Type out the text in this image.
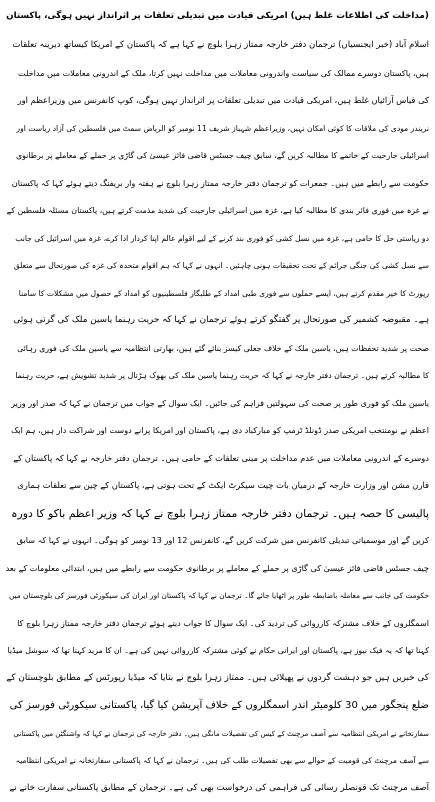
(مداخلت کی اطلاعات غلط ہیں) امریکی قیادت میں تبدیلی تعلقات پر اثرانداز نہیں ہوگی، پاکستان
اسلام آباد (خبر ایجنسیاں) ترجمان دفتر خارجہ ممتاز زہرا بلوچ نے کہا ہے کہ پاکستان کے امریکا کیساتھ دیرینہ تعلقات
ہیں، پاکستان دوسرے ممالک کی سیاست واندرونی معاملات میں مداخلت نہیں کرتا، ملک کے اندرونی معاملات میں مداخلت
کی قیاس آرائیاں غلط ہیں، امریکی قیادت میں تبدیلی تعلقات پر اثرانداز نہیں ہوگی، کوپ کانفرنس میں وزیراعظم اور
نریندر مودی کی ملاقات کا کوئی امکان نہیں، وزیراعظم شہباز شریف 11 نومبر کو الریاض سمٹ میں فلسطین کی آزاد ریاست اور
اسرائیلی جارحیت کے خاتمے کا مطالبہ کریں گے، سابق چیف جسٹس قاضی فائز عیسیٰ کی گاڑی پر حملے کے معاملے پر برطانوی
حکومت سے رابطے میں ہیں۔ جمعرات کو ترجمان دفتر خارجہ ممتاز زہرا بلوچ نے ہفتہ وار بریفنگ دیتے ہوئے کہا کہ پاکستان
نے غزہ میں فوری فائر بندی کا مطالبہ کیا ہے، غزہ میں اسرائیلی جارحیت کی شدید مذمت کرتے ہیں، پاکستان مسئلہ فلسطین کے
دو ریاستی حل کا حامی ہے، غزہ میں نسل کشی کو فوری بند کرنے کے لیے اقوام عالم اپنا کردار ادا کرے، غزہ میں اسرائیل کی جانب
سے نسل کشی کی جنگی جرائم کے تحت تحقیقات ہونی چاہئیں۔ انہوں نے کہا کہ ہم اقوام متحدہ کی غزہ کی صورتحال سے متعلق
رپورٹ کا خیر مقدم کرتے ہیں، ایسے حملوں سے فوری طبی امداد کے طلبگار فلسطینیوں کو امداد کے حصول میں مشکلات کا سامنا
ہے۔ مقبوضہ کشمیر کی صورتحال پر گفتگو کرتے ہوئے ترجمان نے کہا کہ حریت رہنما یاسین ملک کی گرتی ہوئی
صحت پر شدید تحفظات ہیں، یاسین ملک کے خلاف جعلی کیسز بنائے گئے ہیں، بھارتی انتظامیہ سے یاسین ملک کی فوری رہائی
کا مطالبہ کرتے ہیں۔ ترجمان دفتر خارجہ نے کہا کہ حریت رہنما یاسین ملک کی بھوک ہڑتال پر شدید تشویش ہے، حریت رہنما
یاسین ملک کو فوری طور پر صحت کی سہولتیں فراہم کی جائیں۔ ایک سوال کے جواب میں ترجمان نے کہا کہ صدر اور وزیر
اعظم نے نومنتخب امریکی صدر ڈونلڈ ٹرمپ کو مبارکباد دی ہے، پاکستان اور امریکا پرانے دوست اور شراکت دار ہیں، ہم ایک
دوسرے کے اندرونی معاملات میں عدم مداخلت پر مبنی تعلقات کے حامی ہیں۔ ترجمان دفتر خارجہ نے کہا کہ پاکستان کے
فارن مشن اور وزارت خارجہ کے درمیان بات چیت سیکرٹ ایکٹ کے تحت ہوتی ہے، پاکستان کے چین سے تعلقات ہماری
پالیسی کا حصہ ہیں۔ ترجمان دفتر خارجہ ممتاز زہرا بلوچ نے کہا کہ وزیر اعظم باکو کا دورہ
کریں گے اور موسمیاتی تبدیلی کانفرنس میں شرکت کریں گے، کانفرنس 12 اور 13 نومبر کو ہوگی۔ انہوں نے کہا کہ سابق
چیف جسٹس قاضی فائز عیسیٰ کی گاڑی پر حملے کے معاملے پر برطانوی حکومت سے رابطے میں ہیں، ابتدائی معلومات کے بعد
حکومت کی جانب سے معاملہ باضابطہ طور پر اٹھایا جائے گا۔ ترجمان نے کہا کہ پاکستان اور ایران کی سیکورٹی فورسز کی بلوچستان میں
اسمگلروں کے خلاف مشترکہ کارروائی کی تردید کی۔ ایک سوال کا جواب دیتے ہوئے ترجمان دفتر خارجہ ممتاز زہرا بلوچ کا
کہنا تھا کہ یہ فیک نیوز ہے، پاکستان اور ایرانی حکام نے کوئی مشترکہ کارروائی نہیں کی ہے۔ ان کا مزید کہنا تھا کہ سوشل میڈیا
کی خبریں ہیں جو دہشت گردوں نے پھیلائی ہیں۔ ممتاز زہرا بلوچ نے بتایا کہ میڈیا رپورٹس کے مطابق بلوچستان کے
ضلع پنجگور میں 30 کلومیٹر اندر اسمگلروں کے خلاف آپریشن کیا گیا، پاکستانی سیکورٹی فورسز کی
سفارتخانے نے امریکی انتظامیہ سے آصف مرچنٹ کے کیس کی تفصیلات مانگی ہیں۔ دفتر خارجہ کی ترجمان نے کہا کہ واشنگٹن میں پاکستانی
سے آصف مرچنٹ کی قومیت کے حوالے سے بھی تفصیلات طلب کی ہیں۔ ترجمان نے کہا کہ پاکستانی سفارتخانہ نے امریکی انتظامیہ
آصف مرچنٹ تک قونصلر رسائی کی فراہمی کی درخواست بھی کی ہے۔ ترجمان کے مطابق پاکستانی سفارت خانے نے
